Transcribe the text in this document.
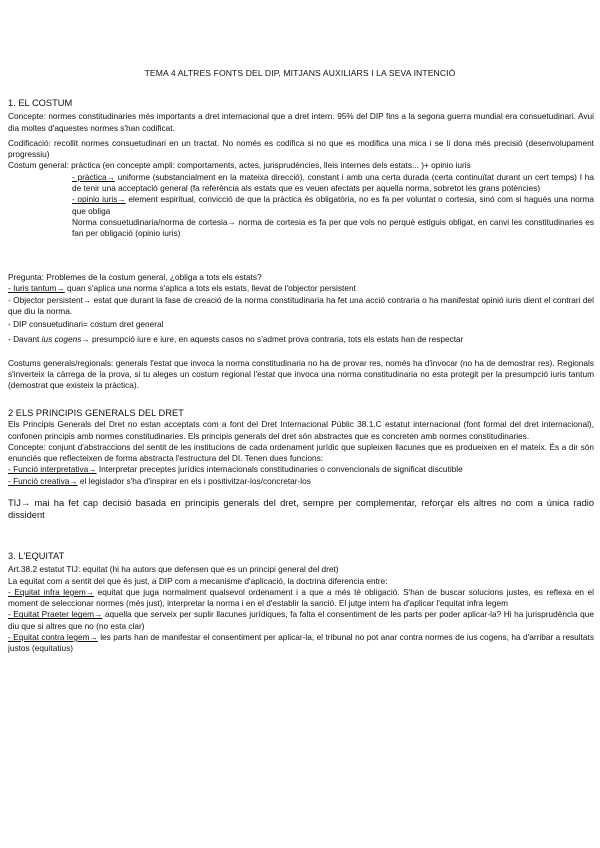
TEMA 4 ALTRES FONTS DEL DIP, MITJANS AUXILIARS I LA SEVA INTENCIÓ

1. EL COSTUM

Concepte: normes constitudinaries més importants a dret internacional que a dret intern. 95% del DIP fins a la segona guerra mundial era consuetudinari. Avui dia moltes d'aquestes normes s'han codificat.

Codificació: recollit normes consuetudinari en un tractat. No només es codifica si no que es modifica una mica i se li dona més precisió (desenvolupament progressiu)

Costum general: pràctica (en concepte ampli: comportaments, actes, jurisprudències, lleis internes dels estats... )+ opinio iuris

- pràctica→ uniforme (substancialment en la mateixa direcció), constant i amb una certa durada (certa continuïtat durant un cert temps) I ha de tenir una acceptació general (fa referència als estats que es veuen afectats per aquella norma, sobretot les grans potències)

- opinio iuris→ element espiritual, convicció de que la pràctica és obligatòria, no es fa per voluntat o cortesia, sinó com si hagués una norma que obliga

Norma consuetudinaria/norma de cortesia→ norma de cortesia es fa per que vols no perquè estiguis obligat, en canvi les constitudinaries es fan per obligació (opinio iuris)

Pregunta: Problemes de la costum general, ¿obliga a tots els estats?

- Iuris tantum→ quan s'aplica una norma s'aplica a tots els estats, llevat de l'objector persistent

- Objector persistent→ estat que durant la fase de creació de la norma constitudinaria ha fet una acció contraria o ha manifestat opinió iuris dient el contrari del que diu la norma.

- DIP consuetudinari= costum dret general

- Davant ius cogens→ presumpció iure e iure, en aquests casos no s'admet prova contraria, tots els estats han de respectar

Costums generals/regionals: generals l'estat que invoca la norma constitudinaria no ha de provar res, només ha d'invocar (no ha de demostrar res). Regionals s'inverteix la càrrega de la prova, si tu aleges un costum regional l'estat que invoca una norma constitudinaria no esta protegit per la presumpció iuris tantum (demostrat que existeix la pràctica).

2 ELS PRINCIPIS GENERALS DEL DRET

Els Principis Generals del Dret no estan acceptats com a font del Dret Internacional Públic 38.1.C estatut internacional (font formal del dret internacional), confonen principis amb normes constitudinaries. Els principis generals del dret són abstractes que es concreten amb normes constitudinaries.

Concepte: conjunt d'abstraccions del sentit de les institucions de cada ordenament jurídic que supleixen llacunes que es produeixen en el mateix. És a dir són enunciés que reflecteixen de forma abstracta l'estructura del DI. Tenen dues funcions:

- Funció interpretativa→ Interpretar preceptes jurídics internacionals constitudinaries o convencionals de significat discutible

- Funció creativa→ el legislador s'ha d'inspirar en els i positivitzar-los/concretar-los

TIJ→ mai ha fet cap decisió basada en principis generals del dret, sempre per complementar, reforçar els altres no com a única radio dissident

3. L'EQUITAT

Art.38.2 estatut TIJ: equitat (hi ha autors que defensen que es un principi general del dret)

La equitat com a sentit del que és just, a DIP com a mecanisme d'aplicació, la doctrina diferencia entre:

- Equitat infra legem→ equitat que juga normalment qualsevol ordenament i a que a més té obligació. S'han de buscar solucions justes, es reflexa en el moment de seleccionar normes (més just), interpretar la norma i en el d'establir la sanció. El jutge intern ha d'aplicar l'equitat infra legem

- Equitat Praeter legem→ aquella que serveix per suplir llacunes jurídiques, fa falta el consentiment de les parts per poder aplicar-la? Hi ha jurisprudència que diu que si altres que no (no esta clar)

- Equitat contra legem→ les parts han de manifestar el consentiment per aplicar-la, el tribunal no pot anar contra normes de ius cogens, ha d'arribar a resultats justos (equitatius)
